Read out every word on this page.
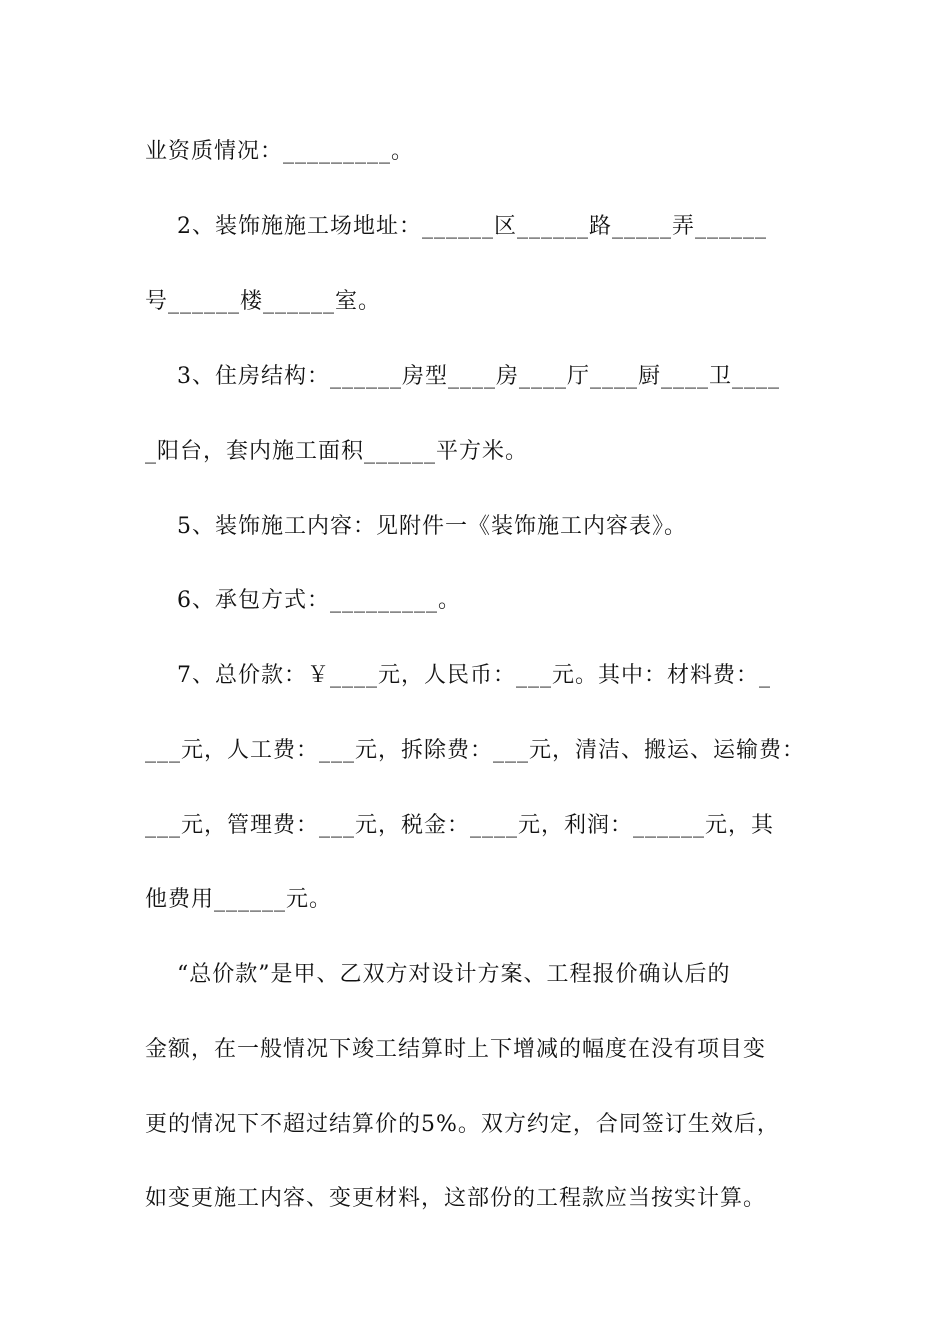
业资质情况：_________。
2、装饰施施工场地址：______区______路_____弄______
号______楼______室。
3、住房结构：______房型____房____厅____厨____卫____
_阳台，套内施工面积______平方米。
5、装饰施工内容：见附件一《装饰施工内容表》。
6、承包方式：_________。
7、总价款：￥____元，人民币：___元。其中：材料费：_
___元，人工费：___元，拆除费：___元，清洁、搬运、运输费：
___元，管理费：___元，税金：____元，利润：______元，其
他费用______元。
“总价款”是甲、乙双方对设计方案、工程报价确认后的
金额，在一般情况下竣工结算时上下增减的幅度在没有项目变
更的情况下不超过结算价的5%。双方约定，合同签订生效后，
如变更施工内容、变更材料，这部份的工程款应当按实计算。
